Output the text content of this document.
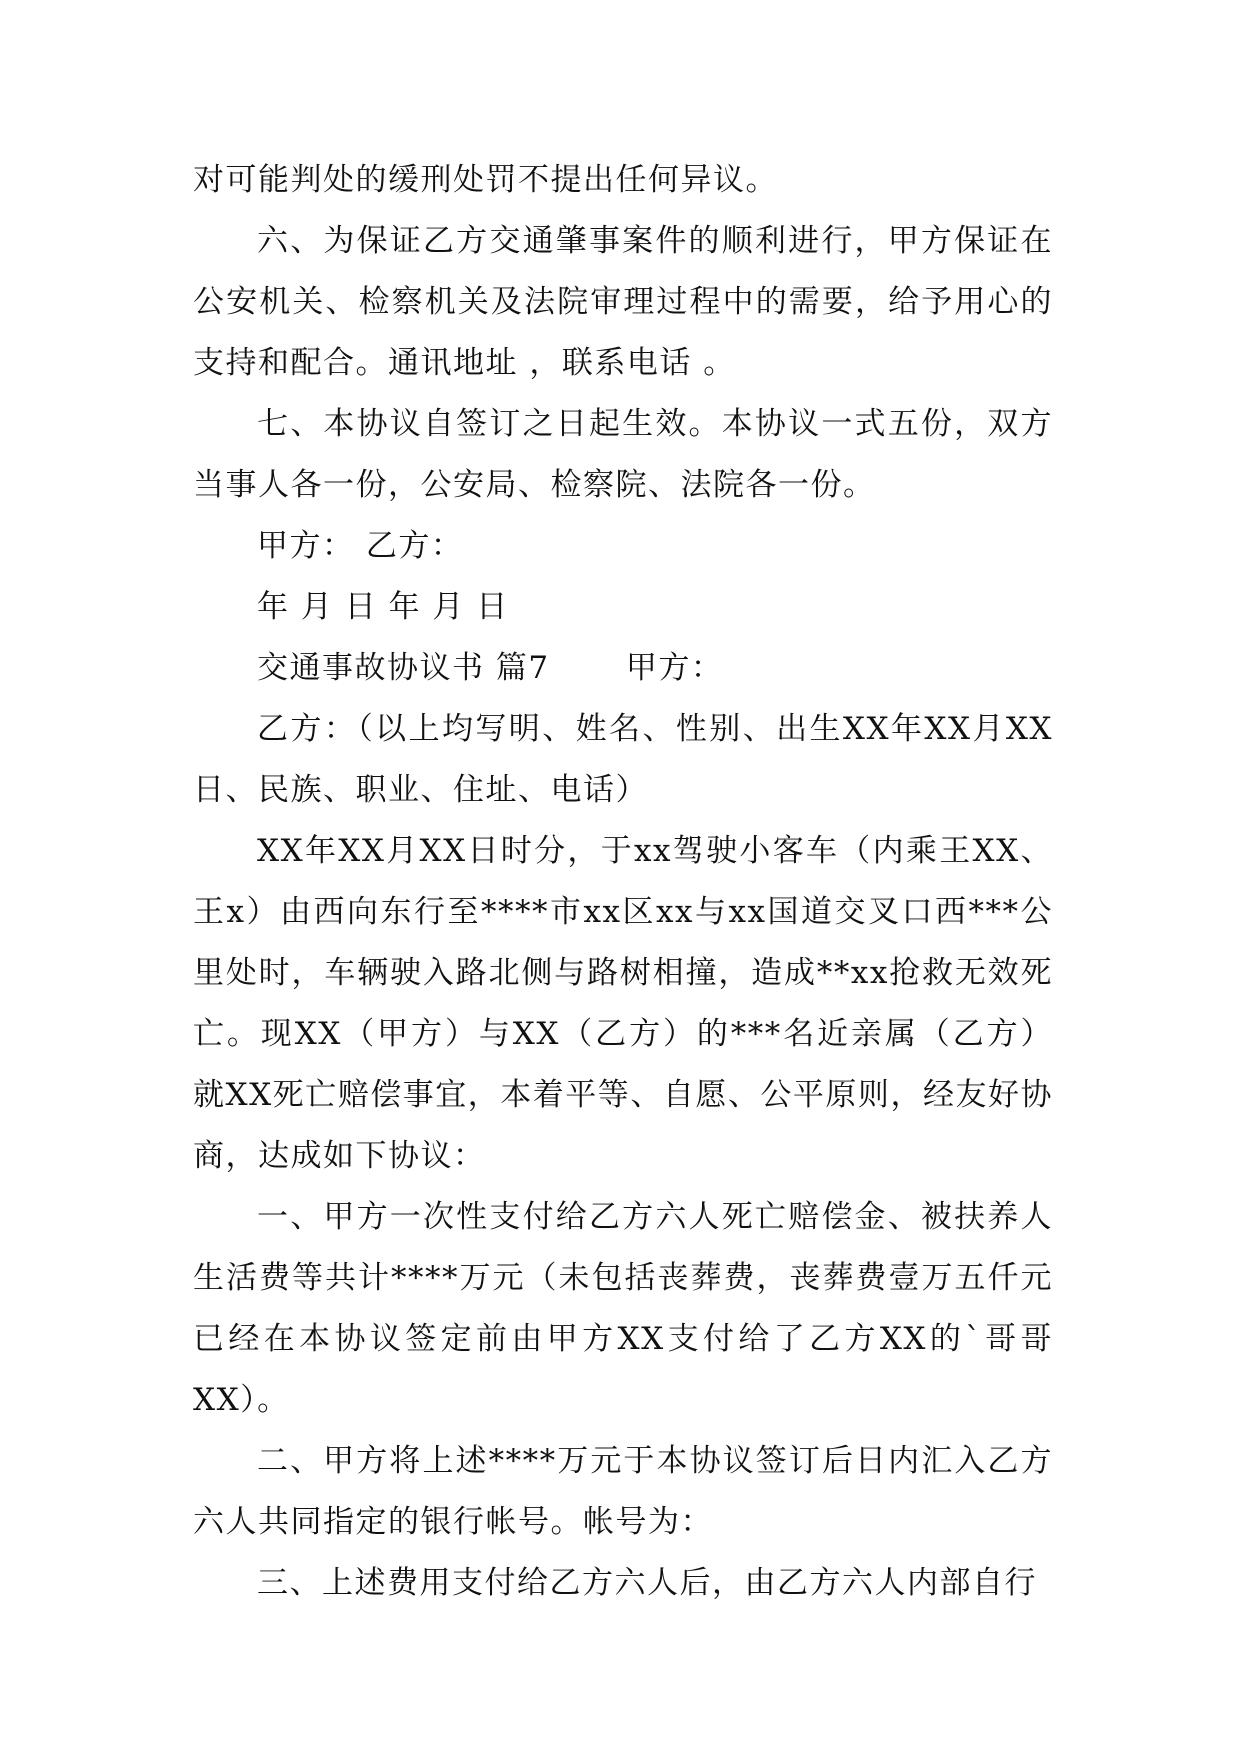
对可能判处的缓刑处罚不提出任何异议。

六、为保证乙方交通肇事案件的顺利进行，甲方保证在公安机关、检察机关及法院审理过程中的需要，给予用心的支持和配合。通讯地址 ，联系电话 。

七、本协议自签订之日起生效。本协议一式五份，双方当事人各一份，公安局、检察院、法院各一份。

甲方： 乙方：

年 月 日 年 月 日

交通事故协议书 篇7 　　甲方：

乙方：（以上均写明、姓名、性别、出生XX年XX月XX日、民族、职业、住址、电话）

XX年XX月XX日时分，于xx驾驶小客车（内乘王XX、王x）由西向东行至****市xx区xx与xx国道交叉口西***公里处时，车辆驶入路北侧与路树相撞，造成**xx抢救无效死亡。现XX（甲方）与XX（乙方）的***名近亲属（乙方）就XX死亡赔偿事宜，本着平等、自愿、公平原则，经友好协商，达成如下协议：

一、甲方一次性支付给乙方六人死亡赔偿金、被扶养人生活费等共计****万元（未包括丧葬费，丧葬费壹万五仟元已经在本协议签定前由甲方XX支付给了乙方XX的`哥哥XX）。

二、甲方将上述****万元于本协议签订后日内汇入乙方六人共同指定的银行帐号。帐号为：

三、上述费用支付给乙方六人后，由乙方六人内部自行
